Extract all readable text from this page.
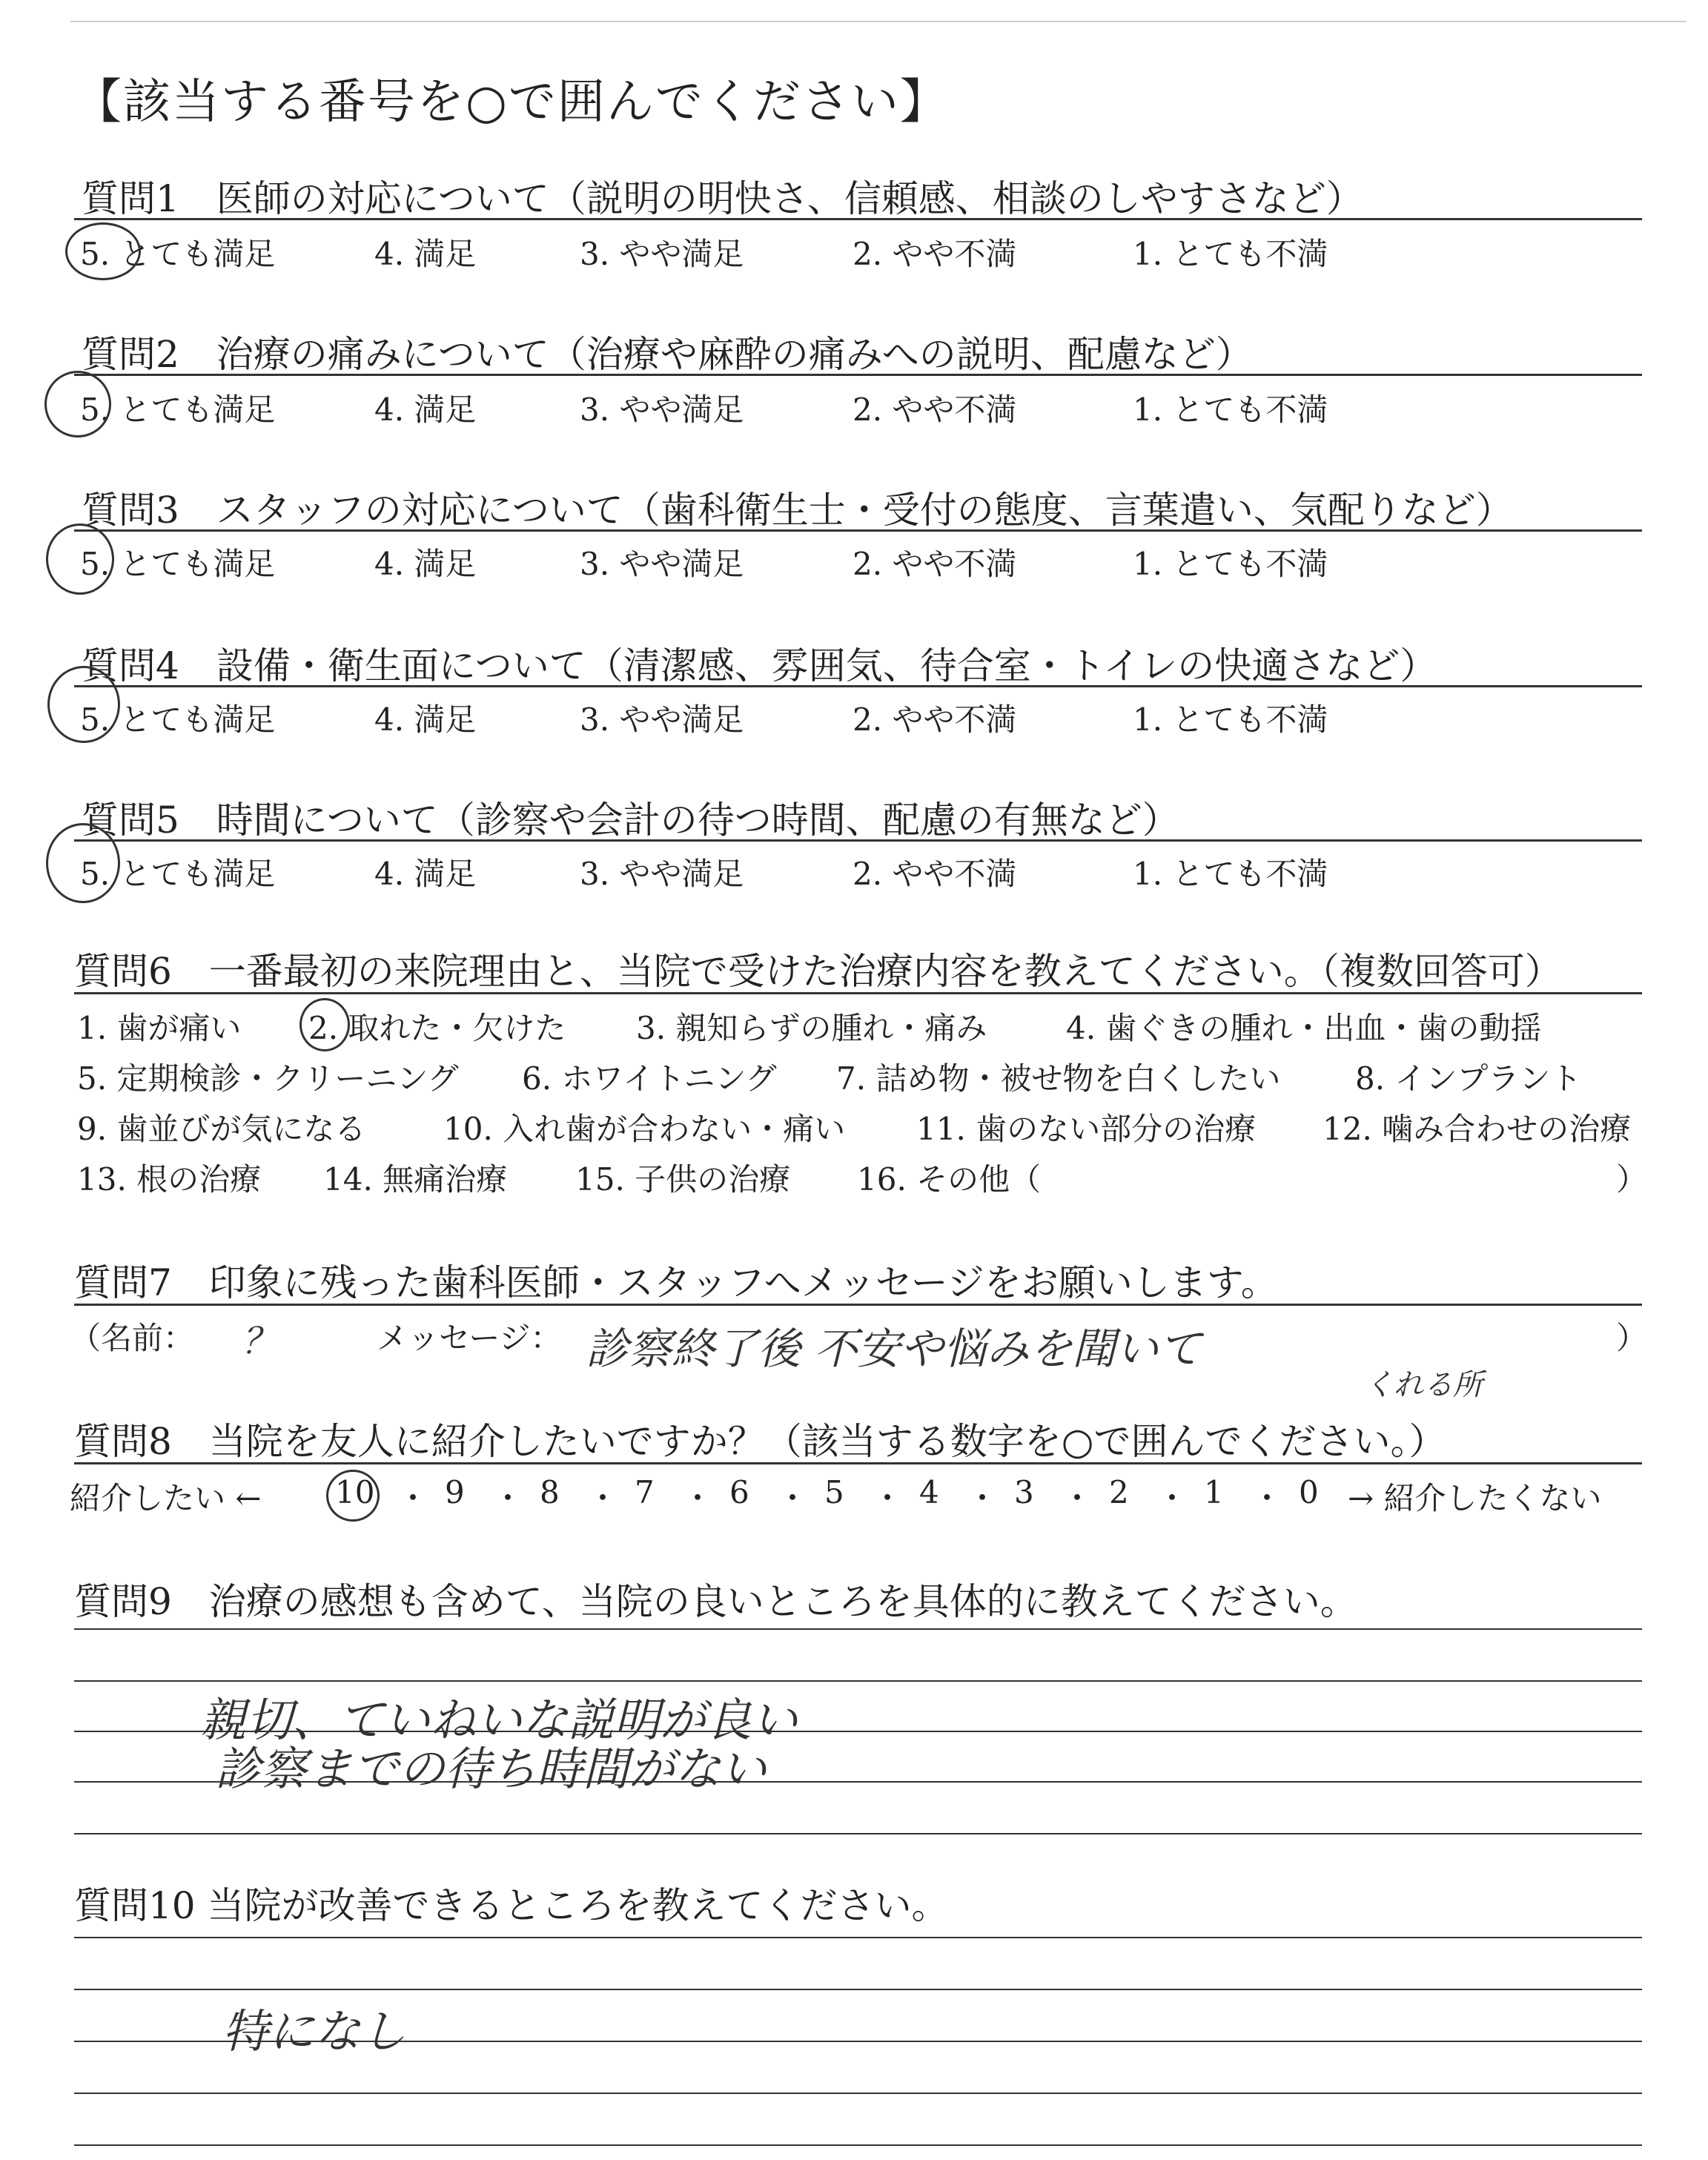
【該当する番号を○で囲んでください】
質問1　医師の対応について（説明の明快さ、信頼感、相談のしやすさなど）
5. とても満足	4. 満足	3. やや満足	2. やや不満	1. とても不満
質問2　治療の痛みについて（治療や麻酔の痛みへの説明、配慮など）
5. とても満足	4. 満足	3. やや満足	2. やや不満	1. とても不満
質問3　スタッフの対応について（歯科衛生士・受付の態度、言葉遣い、気配りなど）
5. とても満足	4. 満足	3. やや満足	2. やや不満	1. とても不満
質問4　設備・衛生面について（清潔感、雰囲気、待合室・トイレの快適さなど）
5. とても満足	4. 満足	3. やや満足	2. やや不満	1. とても不満
質問5　時間について（診察や会計の待つ時間、配慮の有無など）
5. とても満足	4. 満足	3. やや満足	2. やや不満	1. とても不満
質問6　一番最初の来院理由と、当院で受けた治療内容を教えてください。（複数回答可）
1. 歯が痛い 2. 取れた・欠けた 3. 親知らずの腫れ・痛み	4. 歯ぐきの腫れ・出血・歯の動揺
5. 定期検診・クリーニング 6. ホワイトニング 7. 詰め物・被せ物を白くしたい 8. インプラント
9. 歯並びが気になる 10. 入れ歯が合わない・痛い 11. 歯のない部分の治療 12. 噛み合わせの治療
13. 根の治療 14. 無痛治療 15. 子供の治療 16. その他（	）
質問7　印象に残った歯科医師・スタッフへメッセージをお願いします。
（名前： ？	メッセージ： 診察終了後 不安や悩みを聞いて
くれる所
）
質問8　当院を友人に紹介したいですか？（該当する数字を○で囲んでください。）
紹介したい ← 10 ・ 9 ・ 8 ・ 7 ・ 6 ・ 5 ・ 4 ・ 3 ・ 2 ・ 1 ・ 0 → 紹介したくない
質問9　治療の感想も含めて、当院の良いところを具体的に教えてください。
親切、ていねいな説明が良い
診察までの待ち時間がない
質問10 当院が改善できるところを教えてください。
特になし
